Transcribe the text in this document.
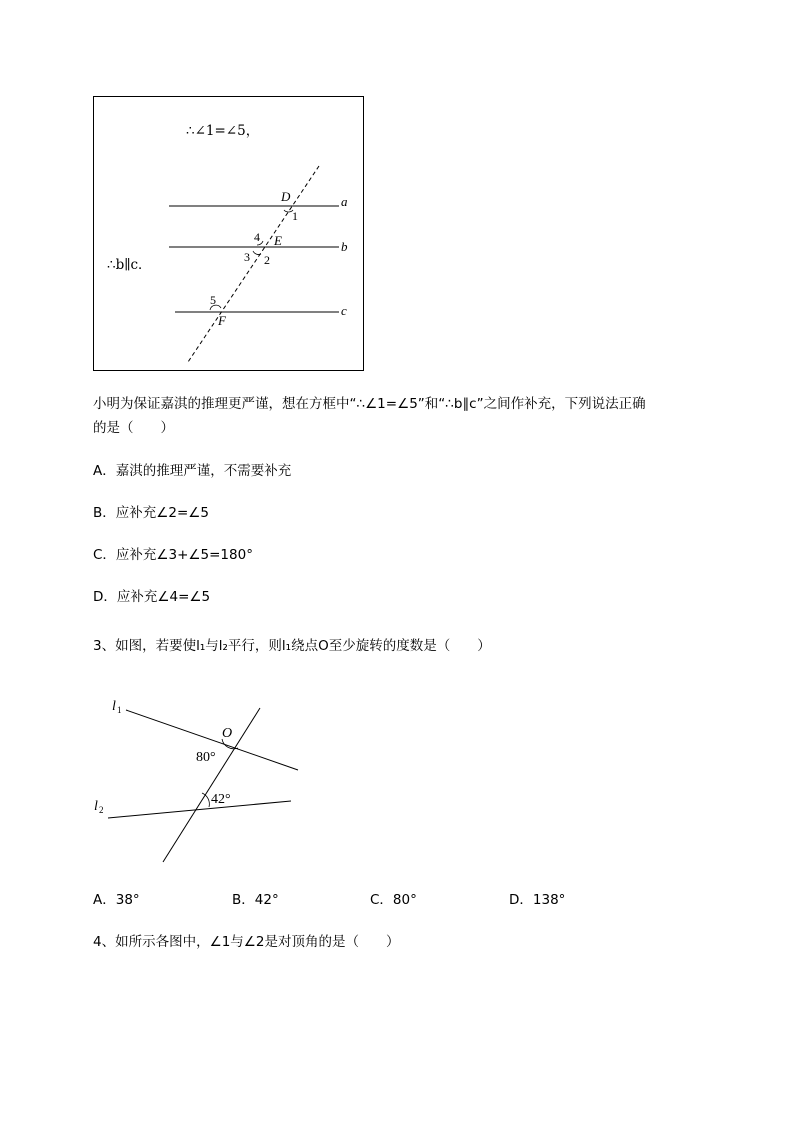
∴∠1=∠5，
∴b∥c．
D
1
a
4 E	b
3 2
5
c
F
小明为保证嘉淇的推理更严谨，想在方框中“∴∠1=∠5”和“∴b∥c”之间作补充，下列说法正确
的是（　　）
A．嘉淇的推理严谨，不需要补充
B．应补充∠2=∠5
C．应补充∠3+∠5=180°
D．应补充∠4=∠5
3、如图，若要使l₁与l₂平行，则l₁绕点O至少旋转的度数是（　　）
l 1
O
80°
42°
l 2
A．38°	B．42°	C．80°	D．138°
4、如所示各图中，∠1与∠2是对顶角的是（　　）
